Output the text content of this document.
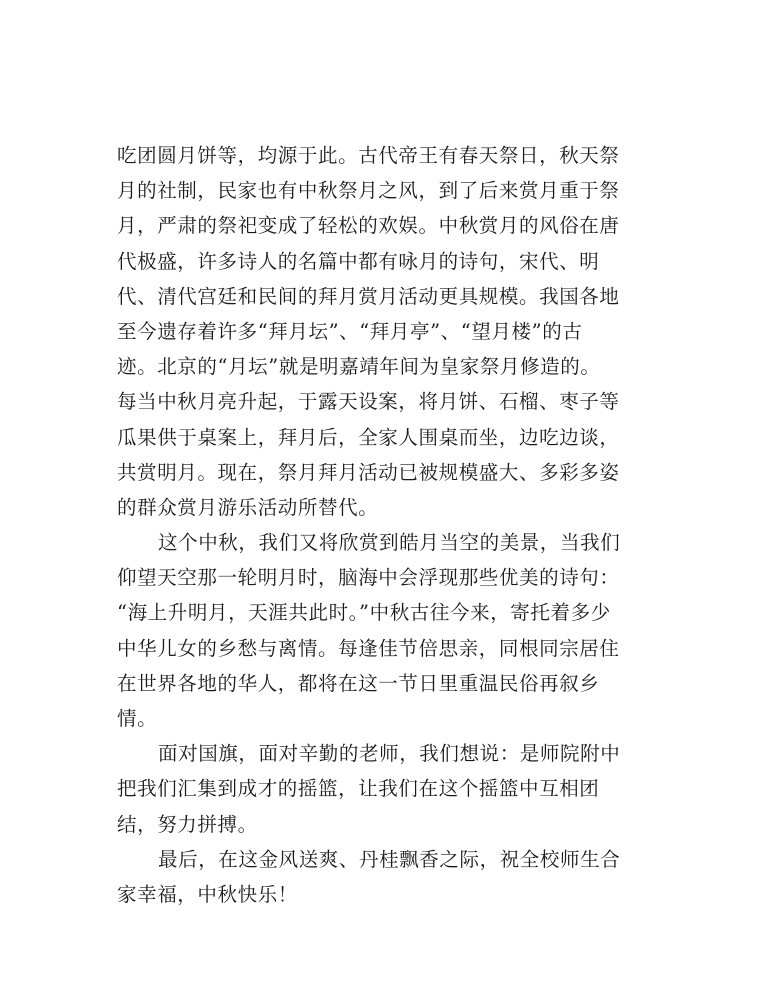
吃团圆月饼等，均源于此。古代帝王有春天祭日，秋天祭
月的社制，民家也有中秋祭月之风，到了后来赏月重于祭
月，严肃的祭祀变成了轻松的欢娱。中秋赏月的风俗在唐
代极盛，许多诗人的名篇中都有咏月的诗句，宋代、明
代、清代宫廷和民间的拜月赏月活动更具规模。我国各地
至今遗存着许多“拜月坛”、“拜月亭”、“望月楼”的古
迹。北京的“月坛”就是明嘉靖年间为皇家祭月修造的。
每当中秋月亮升起，于露天设案，将月饼、石榴、枣子等
瓜果供于桌案上，拜月后，全家人围桌而坐，边吃边谈，
共赏明月。现在，祭月拜月活动已被规模盛大、多彩多姿
的群众赏月游乐活动所替代。
这个中秋，我们又将欣赏到皓月当空的美景，当我们
仰望天空那一轮明月时，脑海中会浮现那些优美的诗句：
“海上升明月，天涯共此时。”中秋古往今来，寄托着多少
中华儿女的乡愁与离情。每逢佳节倍思亲，同根同宗居住
在世界各地的华人，都将在这一节日里重温民俗再叙乡
情。
面对国旗，面对辛勤的老师，我们想说：是师院附中
把我们汇集到成才的摇篮，让我们在这个摇篮中互相团
结，努力拼搏。
最后，在这金风送爽、丹桂飘香之际，祝全校师生合
家幸福，中秋快乐！
